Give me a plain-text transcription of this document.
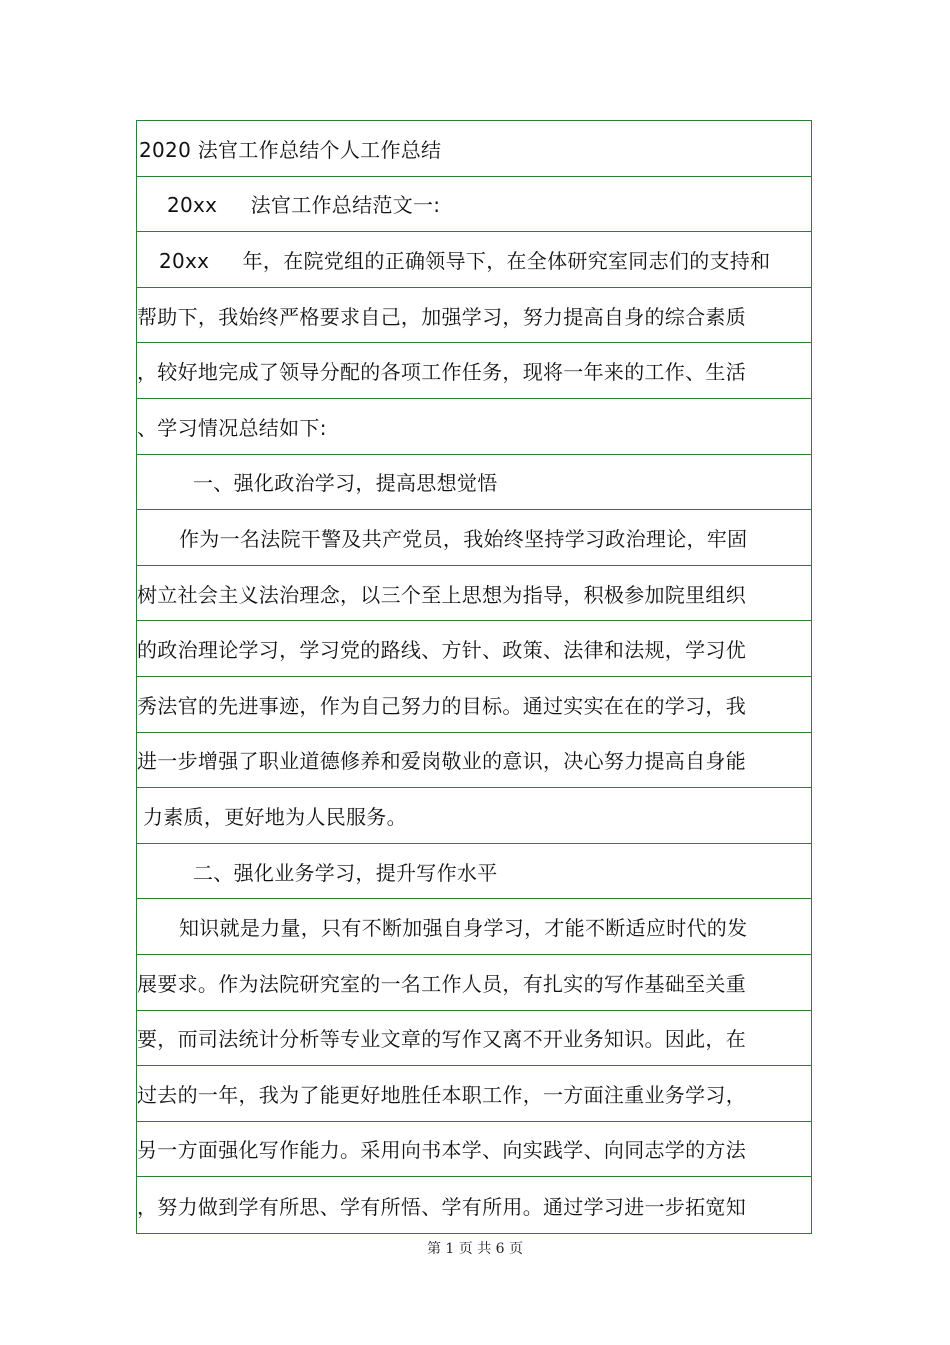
2020 法官工作总结个人工作总结
20xx     法官工作总结范文一:
20xx     年，在院党组的正确领导下，在全体研究室同志们的支持和
帮助下，我始终严格要求自己，加强学习，努力提高自身的综合素质
，较好地完成了领导分配的各项工作任务，现将一年来的工作、生活
、学习情况总结如下:
一、强化政治学习，提高思想觉悟
作为一名法院干警及共产党员，我始终坚持学习政治理论，牢固
树立社会主义法治理念，以三个至上思想为指导，积极参加院里组织
的政治理论学习，学习党的路线、方针、政策、法律和法规，学习优
秀法官的先进事迹，作为自己努力的目标。通过实实在在的学习，我
进一步增强了职业道德修养和爱岗敬业的意识，决心努力提高自身能
力素质，更好地为人民服务。
二、强化业务学习，提升写作水平
知识就是力量，只有不断加强自身学习，才能不断适应时代的发
展要求。作为法院研究室的一名工作人员，有扎实的写作基础至关重
要，而司法统计分析等专业文章的写作又离不开业务知识。因此，在
过去的一年，我为了能更好地胜任本职工作，一方面注重业务学习，
另一方面强化写作能力。采用向书本学、向实践学、向同志学的方法
，努力做到学有所思、学有所悟、学有所用。通过学习进一步拓宽知
第 1 页 共 6 页
